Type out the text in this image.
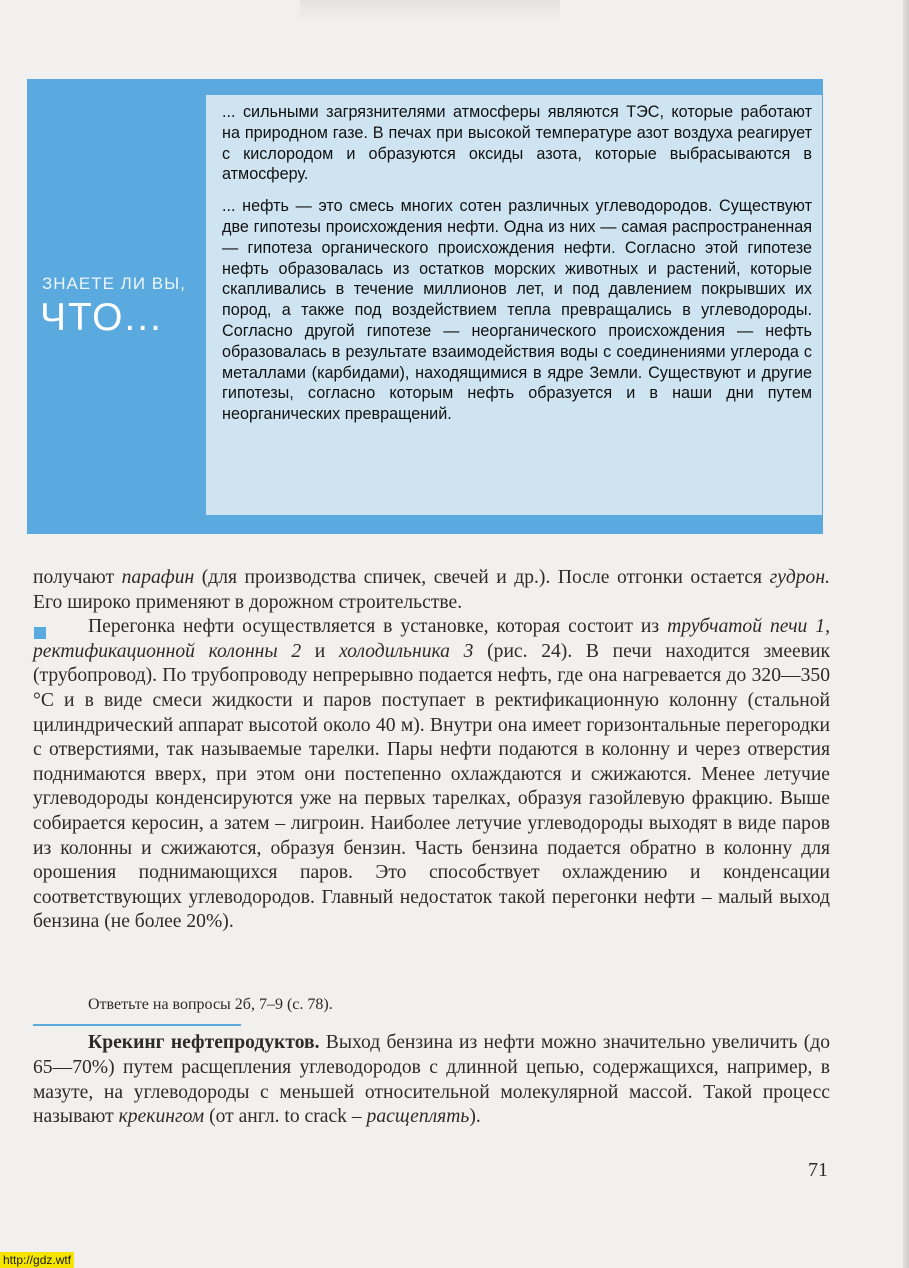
ЗНАЕТЕ ЛИ ВЫ,
ЧТО...

... сильными загрязнителями атмосферы являются ТЭС, которые работают на природном газе. В печах при высокой температуре азот воздуха реагирует с кислородом и образуются оксиды азота, которые выбрасываются в атмосферу.

... нефть — это смесь многих сотен различных углеводородов. Существуют две гипотезы происхождения нефти. Одна из них — самая распространенная — гипотеза органического происхождения нефти. Согласно этой гипотезе нефть образовалась из остатков морских животных и растений, которые скапливались в течение миллионов лет, и под давлением покрывших их пород, а также под воздействием тепла превращались в углеводороды. Согласно другой гипотезе — неорганического происхождения — нефть образовалась в результате взаимодействия воды с соединениями углерода с металлами (карбидами), находящимися в ядре Земли. Существуют и другие гипотезы, согласно которым нефть образуется и в наши дни путем неорганических превращений.

получают парафин (для производства спичек, свечей и др.). После отгонки остается гудрон. Его широко применяют в дорожном строительстве.

Перегонка нефти осуществляется в установке, которая состоит из трубчатой печи 1, ректификационной колонны 2 и холодильника 3 (рис. 24). В печи находится змеевик (трубопровод). По трубопроводу непрерывно подается нефть, где она нагревается до 320—350 °С и в виде смеси жидкости и паров поступает в ректификационную колонну (стальной цилиндрический аппарат высотой около 40 м). Внутри она имеет горизонтальные перегородки с отверстиями, так называемые тарелки. Пары нефти подаются в колонну и через отверстия поднимаются вверх, при этом они постепенно охлаждаются и сжижаются. Менее летучие углеводороды конденсируются уже на первых тарелках, образуя газойлевую фракцию. Выше собирается керосин, а затем – лигроин. Наиболее летучие углеводороды выходят в виде паров из колонны и сжижаются, образуя бензин. Часть бензина подается обратно в колонну для орошения поднимающихся паров. Это способствует охлаждению и конденсации соответствующих углеводородов. Главный недостаток такой перегонки нефти – малый выход бензина (не более 20%).

Ответьте на вопросы 2б, 7–9 (с. 78).

Крекинг нефтепродуктов. Выход бензина из нефти можно значительно увеличить (до 65—70%) путем расщепления углеводородов с длинной цепью, содержащихся, например, в мазуте, на углеводороды с меньшей относительной молекулярной массой. Такой процесс называют крекингом (от англ. to crack – расщеплять).

71
http://gdz.wtf
